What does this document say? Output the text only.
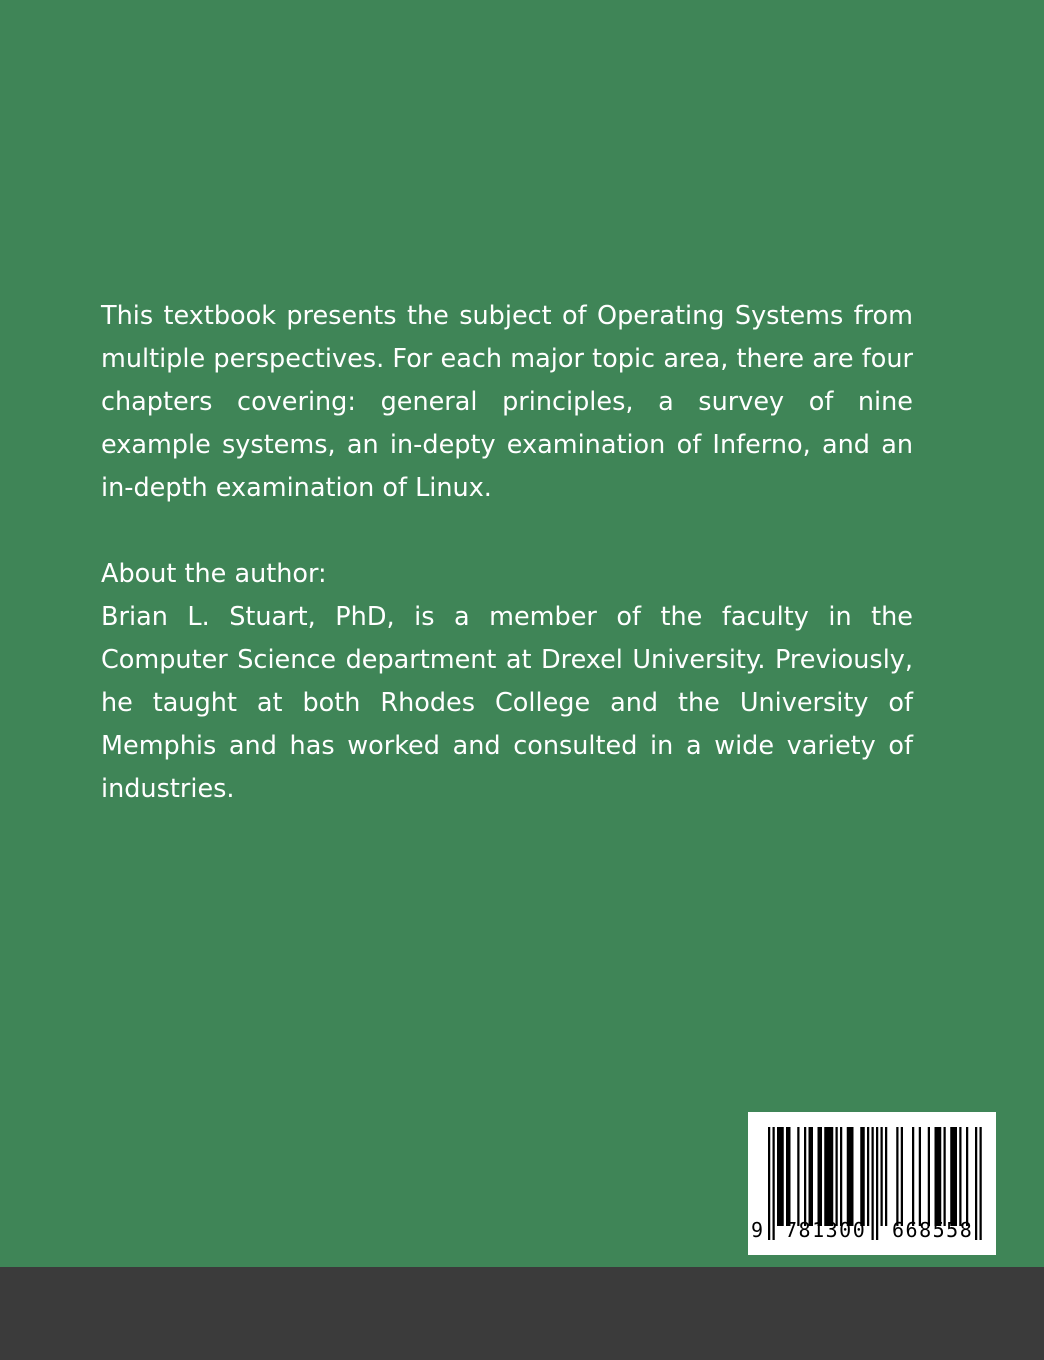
This textbook presents the subject of Operating Systems from multiple perspectives. For each major topic area, there are four chapters covering: general principles, a survey of nine example systems, an in-depty examination of Inferno, and an in-depth examination of Linux.

About the author:

Brian L. Stuart, PhD, is a member of the faculty in the Computer Science department at Drexel University. Previously, he taught at both Rhodes College and the University of Memphis and has worked and consulted in a wide variety of industries.

9 781300 668558
